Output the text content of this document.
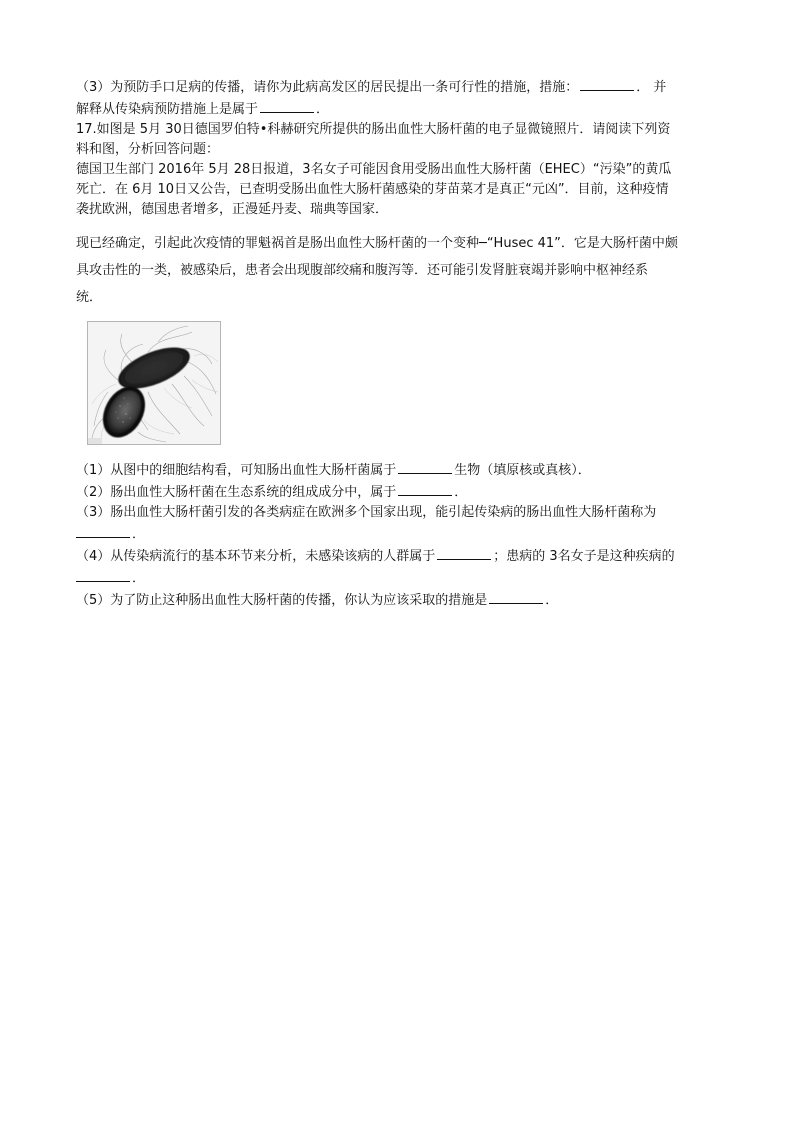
（3）为预防手口足病的传播，请你为此病高发区的居民提出一条可行性的措施，措施：	． 并

解释从传染病预防措施上是属于	．

17.如图是 5月 30日德国罗伯特•科赫研究所提供的肠出血性大肠杆菌的电子显微镜照片．请阅读下列资

料和图，分析回答问题：

德国卫生部门 2016年 5月 28日报道，3名女子可能因食用受肠出血性大肠杆菌（EHEC）“污染”的黄瓜

死亡．在 6月 10日又公告，已查明受肠出血性大肠杆菌感染的芽苗菜才是真正“元凶”．目前，这种疫情

袭扰欧洲，德国患者增多，正漫延丹麦、瑞典等国家．

现已经确定，引起此次疫情的罪魁祸首是肠出血性大肠杆菌的一个变种─“Husec 41”．它是大肠杆菌中颇

具攻击性的一类，被感染后，患者会出现腹部绞痛和腹泻等．还可能引发肾脏衰竭并影响中枢神经系

统．

（1）从图中的细胞结构看，可知肠出血性大肠杆菌属于	生物（填原核或真核）．

（2）肠出血性大肠杆菌在生态系统的组成成分中，属于	．

（3）肠出血性大肠杆菌引发的各类病症在欧洲多个国家出现，能引起传染病的肠出血性大肠杆菌称为

．

（4）从传染病流行的基本环节来分析，未感染该病的人群属于	；患病的 3名女子是这种疾病的

．

（5）为了防止这种肠出血性大肠杆菌的传播，你认为应该采取的措施是	．
